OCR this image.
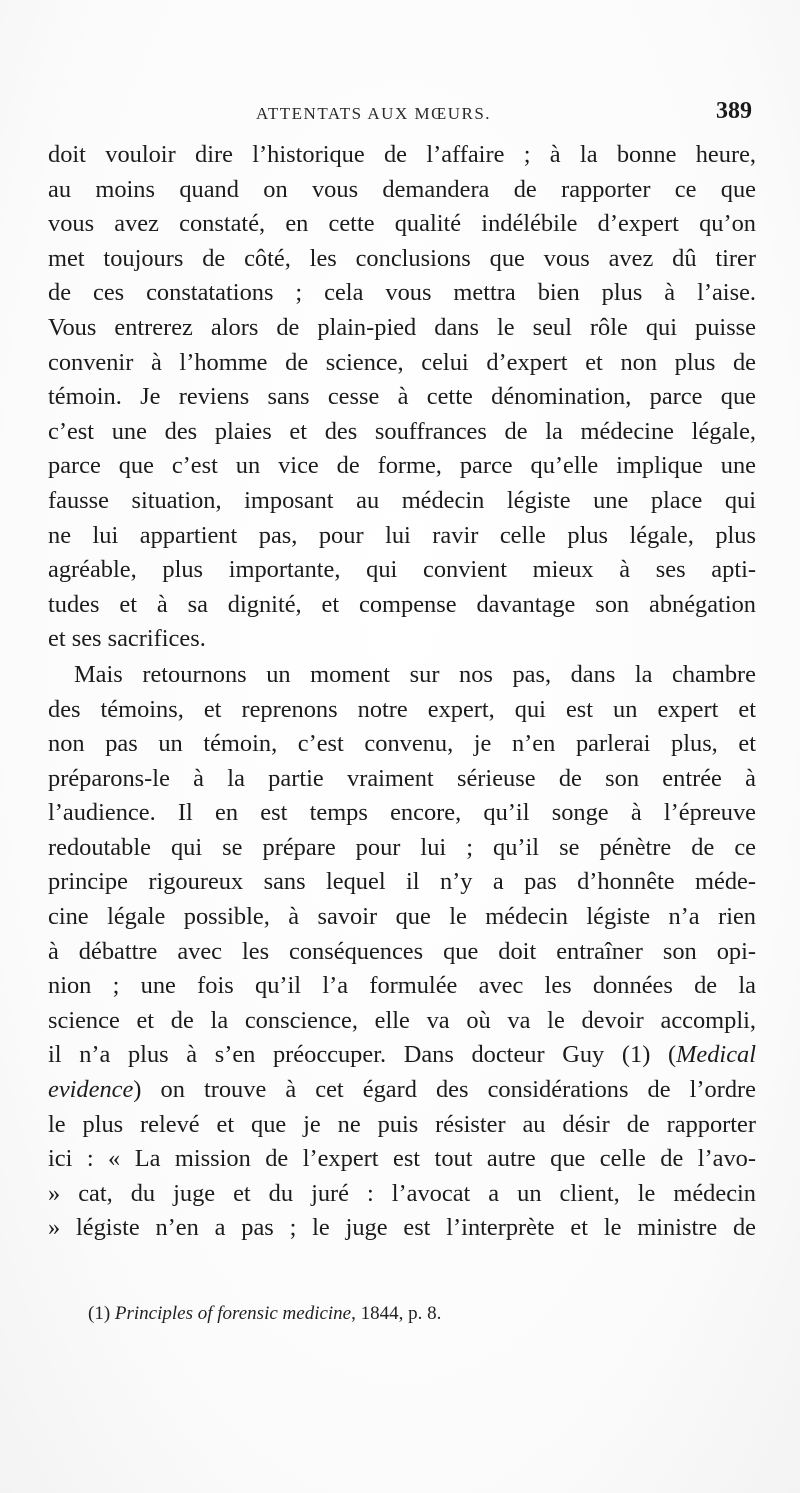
ATTENTATS AUX MŒURS.	389
doit vouloir dire l’historique de l’affaire ; à la bonne heure,
au moins quand on vous demandera de rapporter ce que
vous avez constaté, en cette qualité indélébile d’expert qu’on
met toujours de côté, les conclusions que vous avez dû tirer
de ces constatations ; cela vous mettra bien plus à l’aise.
Vous entrerez alors de plain-pied dans le seul rôle qui puisse
convenir à l’homme de science, celui d’expert et non plus de
témoin. Je reviens sans cesse à cette dénomination, parce que
c’est une des plaies et des souffrances de la médecine légale,
parce que c’est un vice de forme, parce qu’elle implique une
fausse situation, imposant au médecin légiste une place qui
ne lui appartient pas, pour lui ravir celle plus légale, plus
agréable, plus importante, qui convient mieux à ses apti-
tudes et à sa dignité, et compense davantage son abnégation
et ses sacrifices.
Mais retournons un moment sur nos pas, dans la chambre
des témoins, et reprenons notre expert, qui est un expert et
non pas un témoin, c’est convenu, je n’en parlerai plus, et
préparons-le à la partie vraiment sérieuse de son entrée à
l’audience. Il en est temps encore, qu’il songe à l’épreuve
redoutable qui se prépare pour lui ; qu’il se pénètre de ce
principe rigoureux sans lequel il n’y a pas d’honnête méde-
cine légale possible, à savoir que le médecin légiste n’a rien
à débattre avec les conséquences que doit entraîner son opi-
nion ; une fois qu’il l’a formulée avec les données de la
science et de la conscience, elle va où va le devoir accompli,
il n’a plus à s’en préoccuper. Dans docteur Guy (1) (Medical
evidence) on trouve à cet égard des considérations de l’ordre
le plus relevé et que je ne puis résister au désir de rapporter
ici : « La mission de l’expert est tout autre que celle de l’avo-
» cat, du juge et du juré : l’avocat a un client, le médecin
» légiste n’en a pas ; le juge est l’interprète et le ministre de
(1) Principles of forensic medicine, 1844, p. 8.
